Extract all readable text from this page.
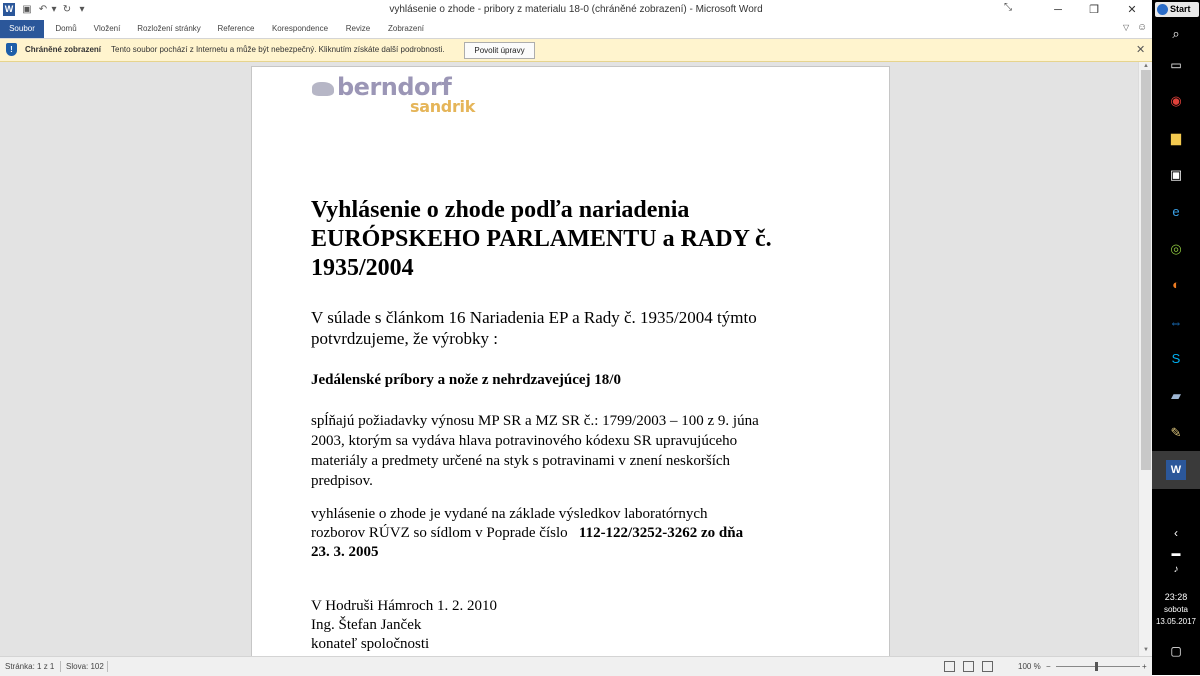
W ▣ ↶ ▾ ↻ ▾	vyhlásenie o zhode - pribory z materialu 18-0 (chráněné zobrazení) - Microsoft Word	⤡	─	❐	✕
Soubor	Domů	Vložení	Rozložení stránky	Reference	Korespondence	Revize	Zobrazení	▽ ☺
!	Chráněné zobrazení Tento soubor pochází z Internetu a může být nebezpečný. Kliknutím získáte další podrobnosti.	Povolit úpravy	✕
berndorf
sandrik
Vyhlásenie o zhode podľa nariadenia
EURÓPSKEHO PARLAMENTU a RADY č.
1935/2004
V súlade s článkom 16 Nariadenia EP a Rady č. 1935/2004 týmto
potvrdzujeme, že výrobky :
Jedálenské príbory a nože z nehrdzavejúcej 18/0
spĺňajú požiadavky výnosu MP SR a MZ SR č.: 1799/2003 – 100 z 9. júna
2003, ktorým sa vydáva hlava potravinového kódexu SR upravujúceho
materiály a predmety určené na styk s potravinami v znení neskorších
predpisov.
vyhlásenie o zhode je vydané na základe výsledkov laboratórnych
rozborov RÚVZ so sídlom v Poprade číslo   112-122/3252-3262 zo dňa
23. 3. 2005
V Hodruši Hámroch 1. 2. 2010
Ing. Štefan Janček
konateľ spoločnosti
▲
▼
Stránka: 1 z 1 Slova: 102	100 % −	+
Start
⌕
▭
◉
▆
▣
e
◎
◐
⇔
S
▰
✎
W
‹
▬
♪
23:28
sobota
13.05.2017
▢
